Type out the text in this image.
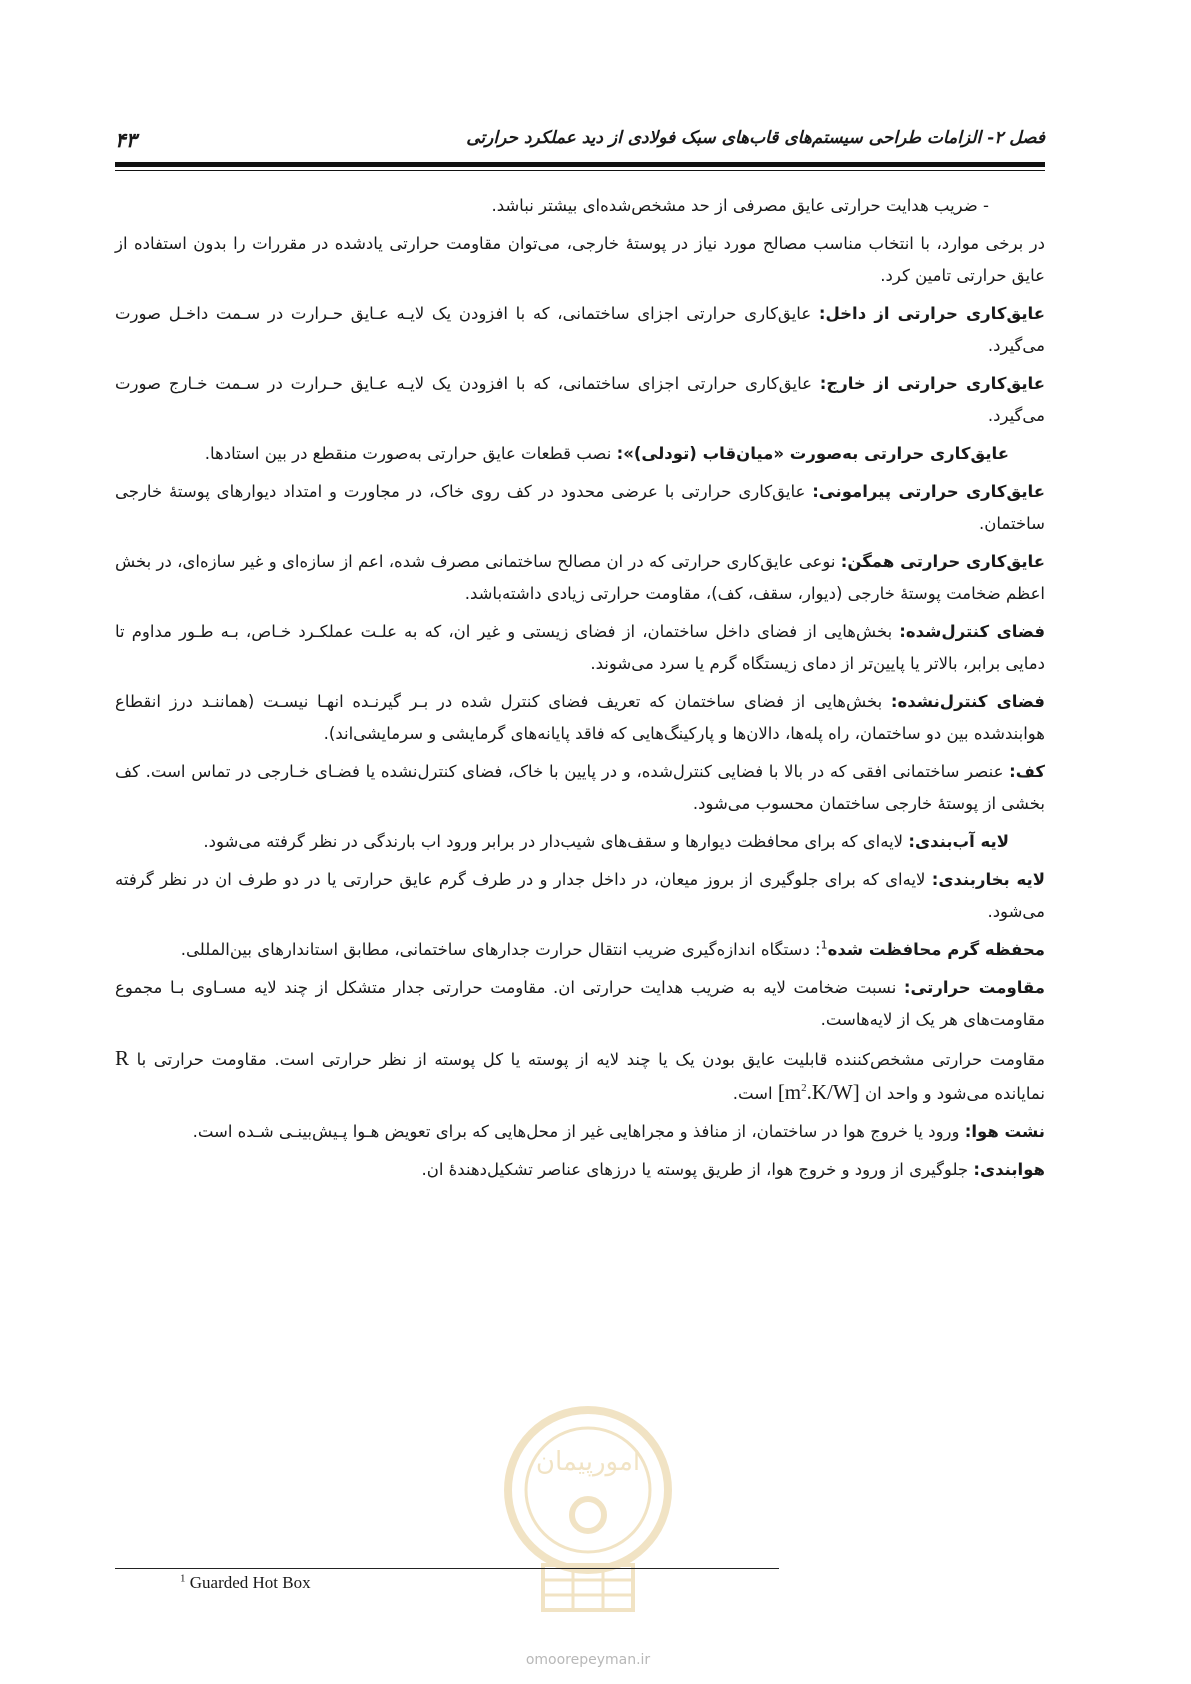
فصل ۲- الزامات طراحی سیستم‌های قاب‌های سبک فولادی از دید عملکرد حرارتی
۴۳

- ضریب هدایت حرارتی عایق مصرفی از حد مشخص‌شده‌ای بیشتر نباشد.

در برخی موارد، با انتخاب مناسب مصالح مورد نیاز در پوستهٔ خارجی، می‌توان مقاومت حرارتی یادشده در مقررات را بدون استفاده از عایق حرارتی تامین کرد.

عایق‌کاری حرارتی از داخل: عایق‌کاری حرارتی اجزای ساختمانی، که با افزودن یک لایـه عـایق حـرارت در سـمت داخـل صورت می‌گیرد.

عایق‌کاری حرارتی از خارج: عایق‌کاری حرارتی اجزای ساختمانی، که با افزودن یک لایـه عـایق حـرارت در سـمت خـارج صورت می‌گیرد.

عایق‌کاری حرارتی به‌صورت «میان‌قاب (تودلی)»: نصب قطعات عایق حرارتی به‌صورت منقطع در بین استادها.

عایق‌کاری حرارتی پیرامونی: عایق‌کاری حرارتی با عرضی محدود در کف روی خاک، در مجاورت و امتداد دیوارهای پوستهٔ خارجی ساختمان.

عایق‌کاری حرارتی همگن: نوعی عایق‌کاری حرارتی که در ان مصالح ساختمانی مصرف شده، اعم از سازه‌ای و غیر سازه‌ای، در بخش اعظم ضخامت پوستهٔ خارجی (دیوار، سقف، کف)، مقاومت حرارتی زیادی داشته‌باشد.

فضای کنترل‌شده: بخش‌هایی از فضای داخل ساختمان، از فضای زیستی و غیر ان، که به علـت عملکـرد خـاص، بـه طـور مداوم تا دمایی برابر، بالاتر یا پایین‌تر از دمای زیستگاه گرم یا سرد می‌شوند.

فضای کنترل‌نشده: بخش‌هایی از فضای ساختمان که تعریف فضای کنترل شده در بـر گیرنـده انهـا نیسـت (هماننـد درز انقطاع هوابندشده بین دو ساختمان، راه پله‌ها، دالان‌ها و پارکینگ‌هایی که فاقد پایانه‌های گرمایشی و سرمایشی‌اند).

کف: عنصر ساختمانی افقی که در بالا با فضایی کنترل‌شده، و در پایین با خاک، فضای کنترل‌نشده یا فضـای خـارجی در تماس است. کف بخشی از پوستهٔ خارجی ساختمان محسوب می‌شود.

لایه آب‌بندی: لایه‌ای که برای محافظت دیوارها و سقف‌های شیب‌دار در برابر ورود اب بارندگی در نظر گرفته می‌شود.

لایه بخاربندی: لایه‌ای که برای جلوگیری از بروز میعان، در داخل جدار و در طرف گرم عایق حرارتی یا در دو طرف ان در نظر گرفته می‌شود.

محفظه گرم محافظت شده$^1$: دستگاه اندازه‌گیری ضریب انتقال حرارت جدارهای ساختمانی، مطابق استاندارهای بین‌المللی.

مقاومت حرارتی: نسبت ضخامت لایه به ضریب هدایت حرارتی ان. مقاومت حرارتی جدار متشکل از چند لایه مسـاوی بـا مجموع مقاومت‌های هر یک از لایه‌هاست.

مقاومت حرارتی مشخص‌کننده قابلیت عایق بودن یک یا چند لایه از پوسته یا کل پوسته از نظر حرارتی است. مقاومت حرارتی با R نمایانده می‌شود و واحد ان $[m^2.K/W]$ است.

نشت هوا: ورود یا خروج هوا در ساختمان، از منافذ و مجراهایی غیر از محل‌هایی که برای تعویض هـوا پـیش‌بینـی شـده است.

هوابندی: جلوگیری از ورود و خروج هوا، از طریق پوسته یا درزهای عناصر تشکیل‌دهندهٔ ان.

امورپیمان
$^1$ Guarded Hot Box
omoorepeyman.ir
